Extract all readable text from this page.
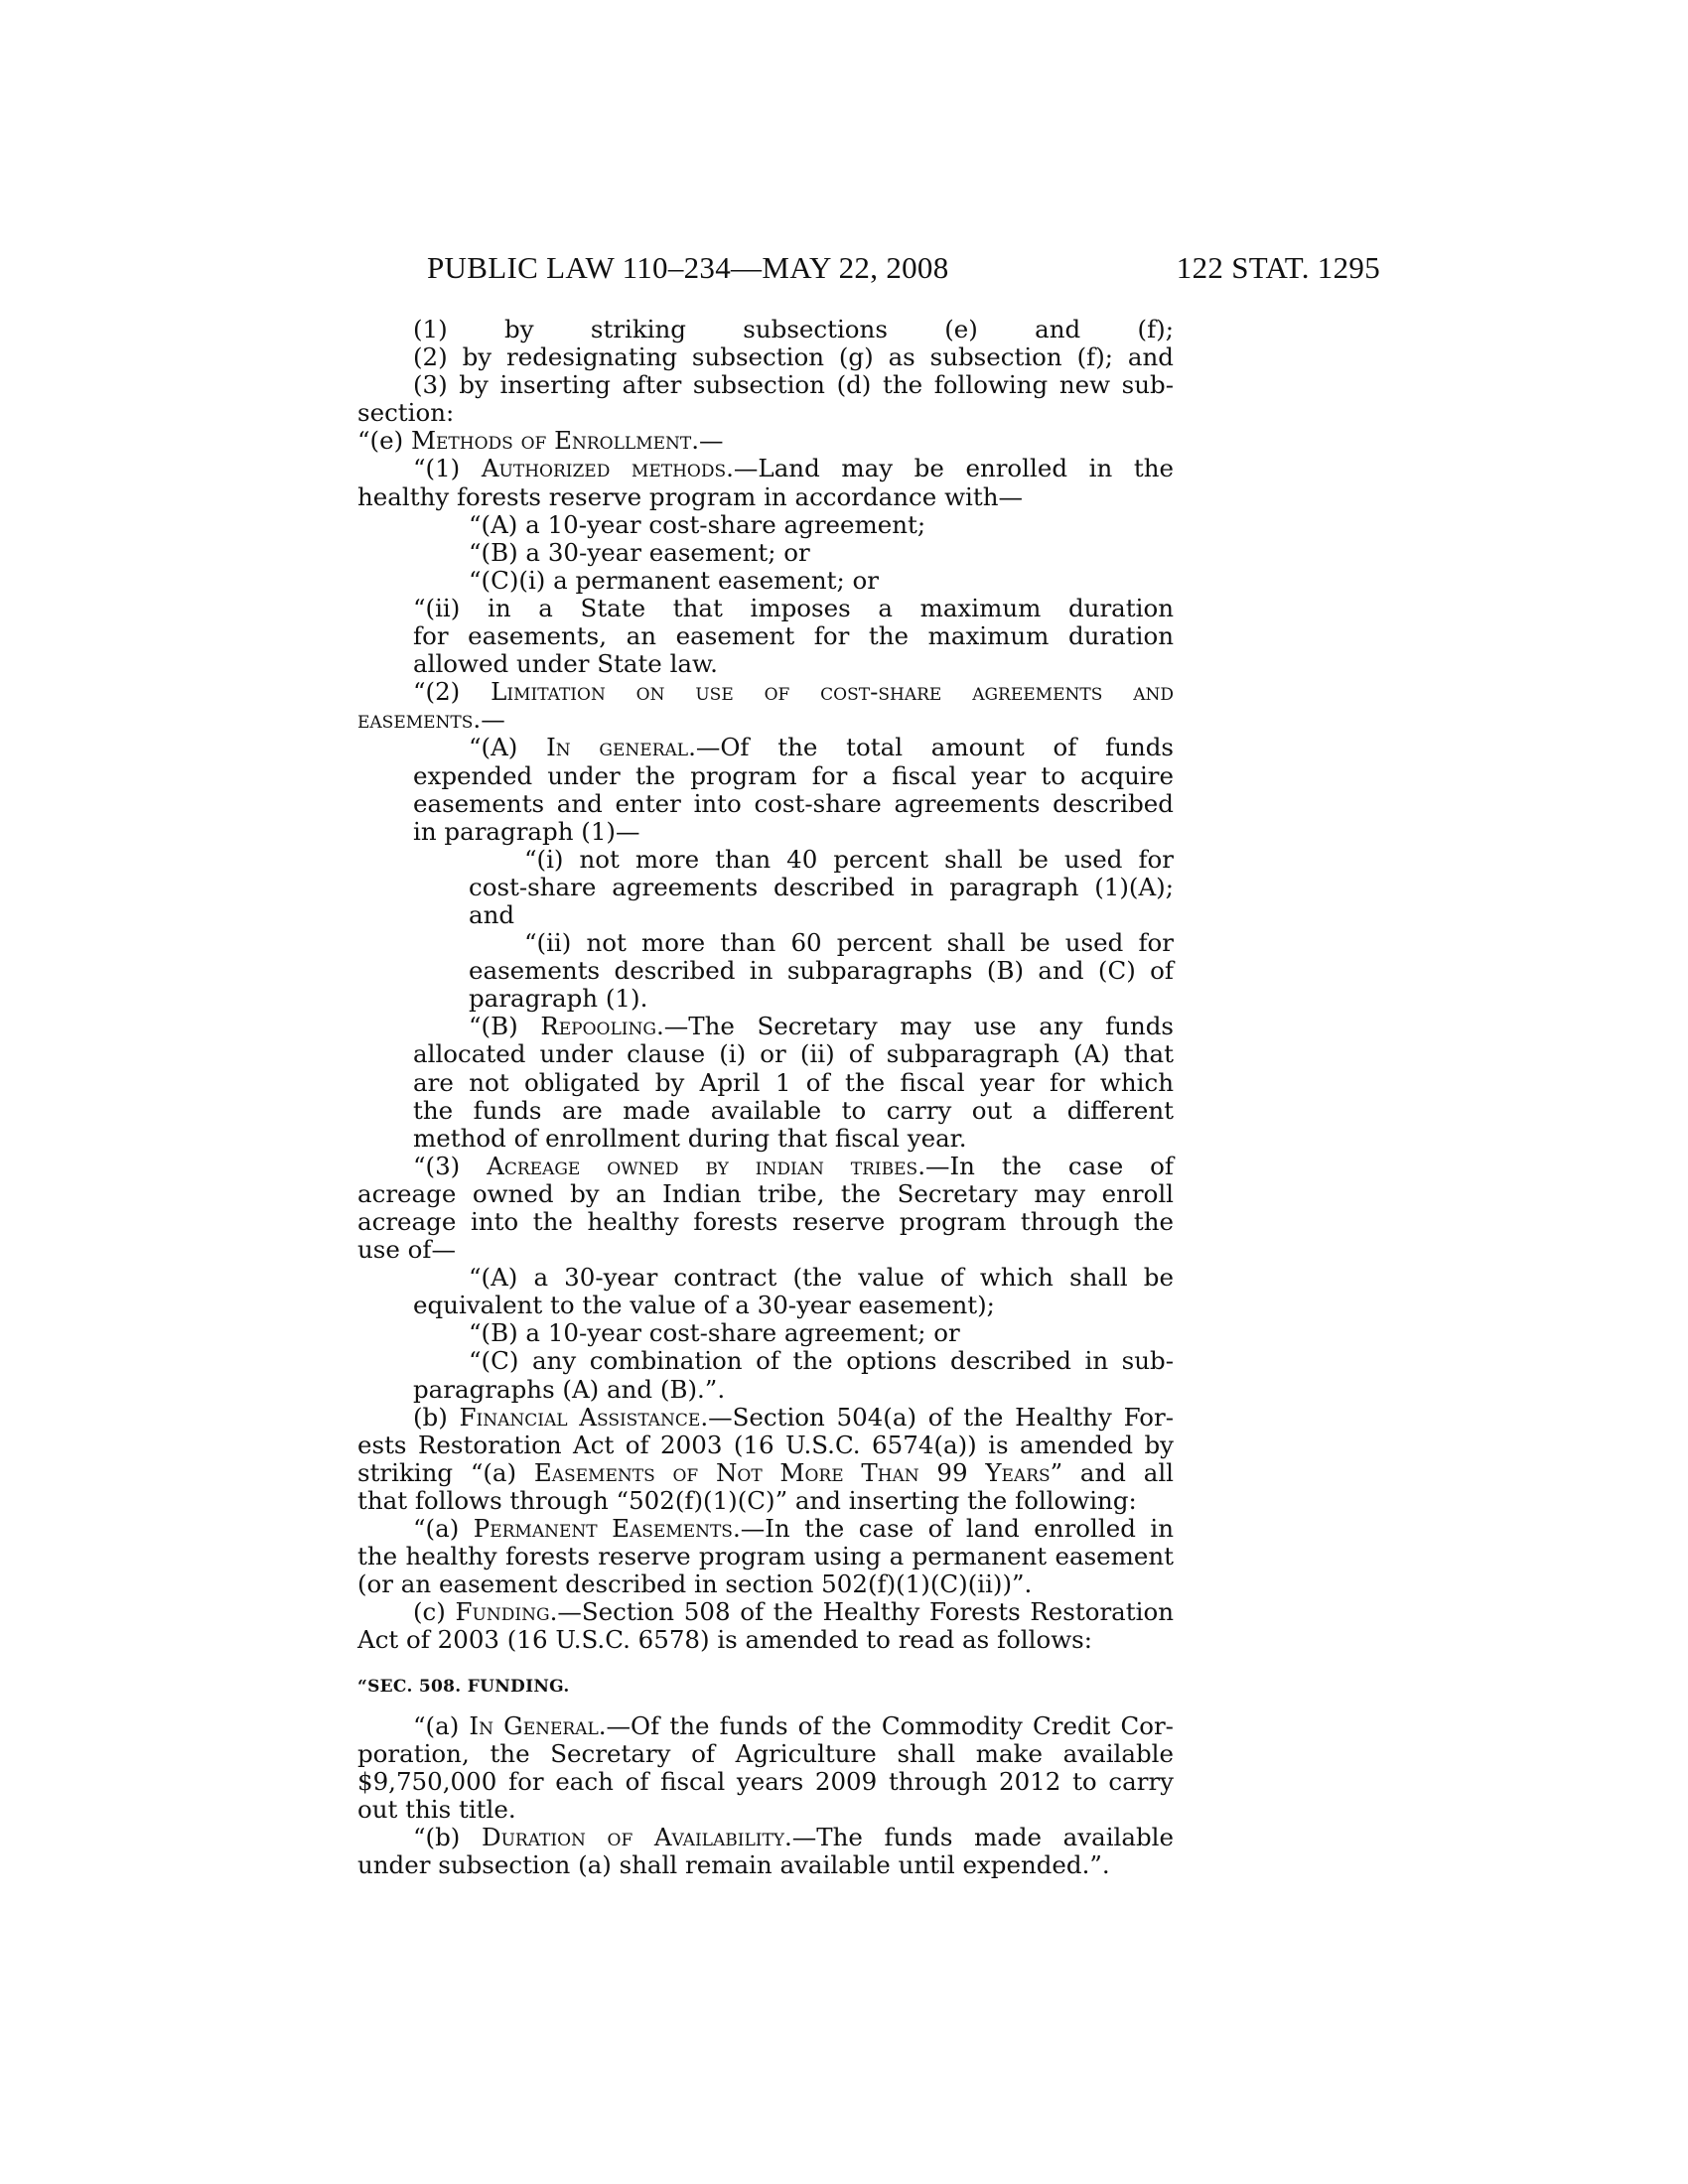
PUBLIC LAW 110–234—MAY 22, 2008	122 STAT. 1295
(1) by striking subsections (e) and (f);
(2) by redesignating subsection (g) as subsection (f); and
(3) by inserting after subsection (d) the following new sub-
section:
“(e) Methods of Enrollment.—
“(1) Authorized methods.—Land may be enrolled in the
healthy forests reserve program in accordance with—
“(A) a 10-year cost-share agreement;
“(B) a 30-year easement; or
“(C)(i) a permanent easement; or
“(ii) in a State that imposes a maximum duration
for easements, an easement for the maximum duration
allowed under State law.
“(2) Limitation on use of cost-share agreements and
easements.—
“(A) In general.—Of the total amount of funds
expended under the program for a fiscal year to acquire
easements and enter into cost-share agreements described
in paragraph (1)—
“(i) not more than 40 percent shall be used for
cost-share agreements described in paragraph (1)(A);
and
“(ii) not more than 60 percent shall be used for
easements described in subparagraphs (B) and (C) of
paragraph (1).
“(B) Repooling.—The Secretary may use any funds
allocated under clause (i) or (ii) of subparagraph (A) that
are not obligated by April 1 of the fiscal year for which
the funds are made available to carry out a different
method of enrollment during that fiscal year.
“(3) Acreage owned by indian tribes.—In the case of
acreage owned by an Indian tribe, the Secretary may enroll
acreage into the healthy forests reserve program through the
use of—
“(A) a 30-year contract (the value of which shall be
equivalent to the value of a 30-year easement);
“(B) a 10-year cost-share agreement; or
“(C) any combination of the options described in sub-
paragraphs (A) and (B).”.
(b) Financial Assistance.—Section 504(a) of the Healthy For-
ests Restoration Act of 2003 (16 U.S.C. 6574(a)) is amended by
striking “(a) Easements of Not More Than 99 Years” and all
that follows through “502(f)(1)(C)” and inserting the following:
“(a) Permanent Easements.—In the case of land enrolled in
the healthy forests reserve program using a permanent easement
(or an easement described in section 502(f)(1)(C)(ii))”.
(c) Funding.—Section 508 of the Healthy Forests Restoration
Act of 2003 (16 U.S.C. 6578) is amended to read as follows:
“SEC. 508. FUNDING.
“(a) In General.—Of the funds of the Commodity Credit Cor-
poration, the Secretary of Agriculture shall make available
$9,750,000 for each of fiscal years 2009 through 2012 to carry
out this title.
“(b) Duration of Availability.—The funds made available
under subsection (a) shall remain available until expended.”.
